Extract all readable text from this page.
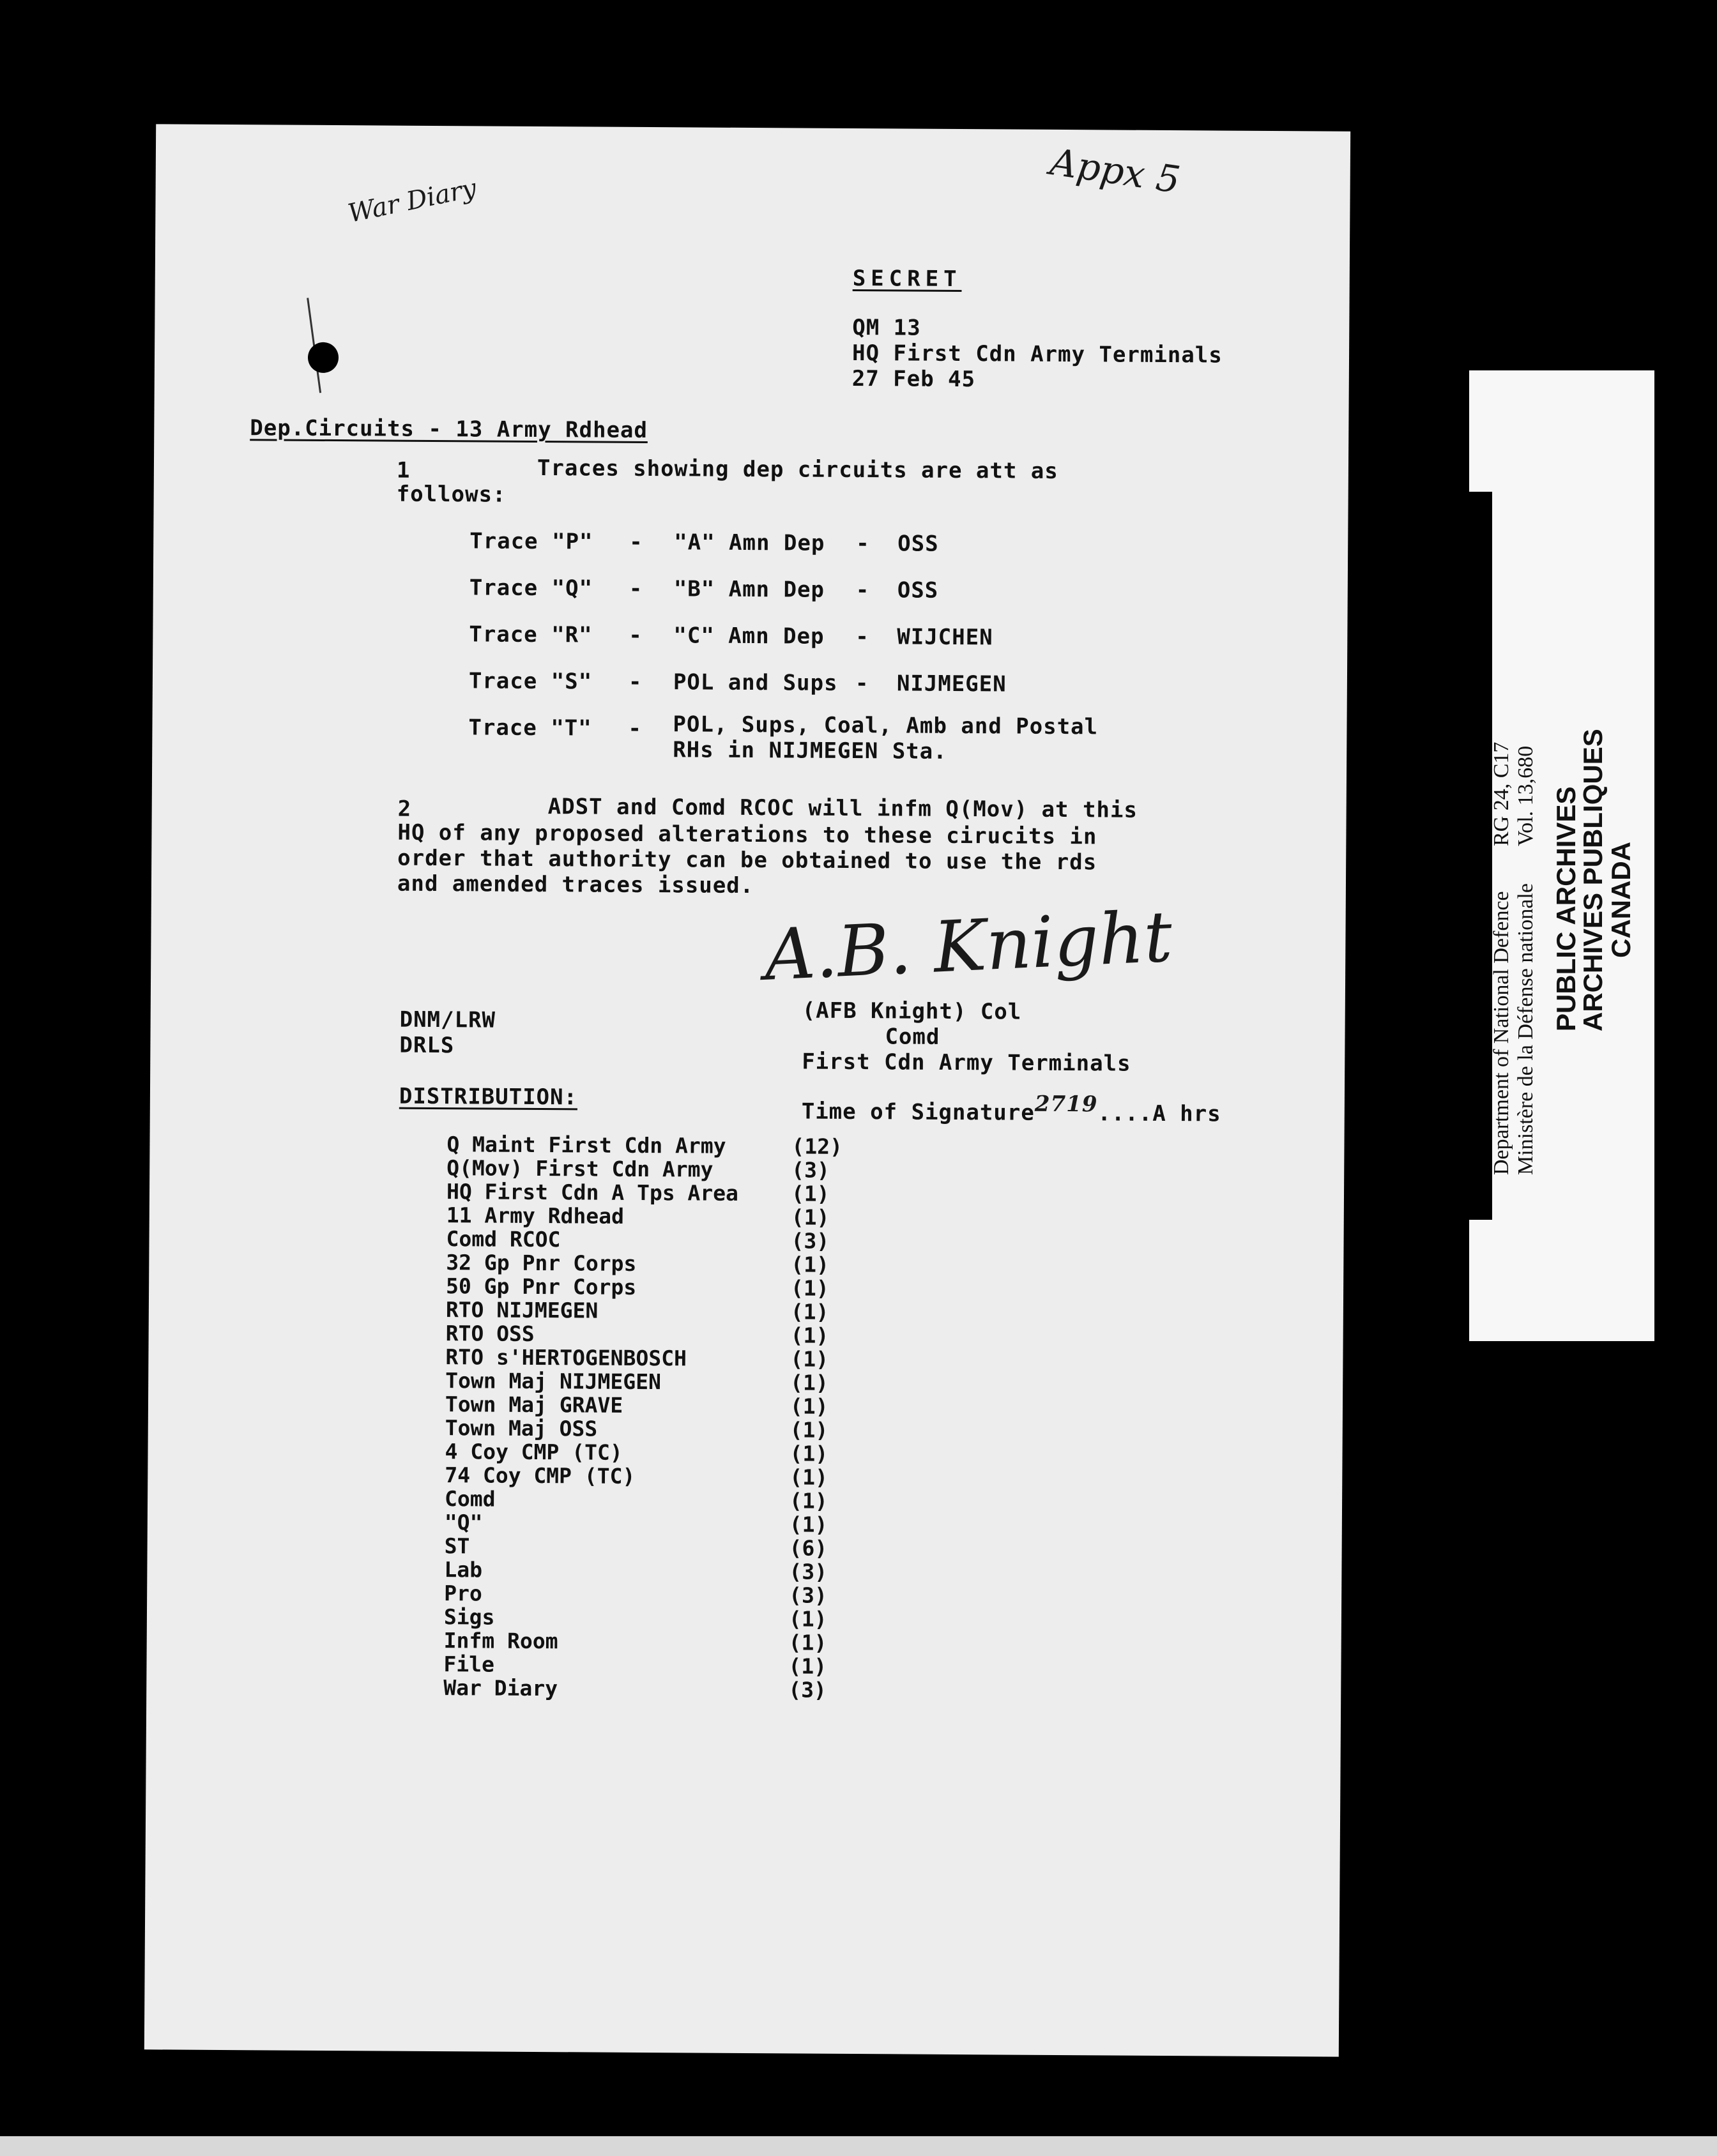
War Diary	Appx 5
SECRET
QM 13
HQ First Cdn Army Terminals
27 Feb 45
Dep.Circuits - 13 Army Rdhead
1	Traces showing dep circuits are att as
follows:
Trace "P" - "A" Amn Dep - OSS
Trace "Q" - "B" Amn Dep - OSS
Trace "R" - "C" Amn Dep - WIJCHEN
Trace "S" - POL and Sups - NIJMEGEN
Trace "T" - POL, Sups, Coal, Amb and Postal
RHs in NIJMEGEN Sta.
2	ADST and Comd RCOC will infm Q(Mov) at this
HQ of any proposed alterations to these cirucits in
order that authority can be obtained to use the rds
and amended traces issued.
A.B. Knight
DNM/LRW
DRLS
(AFB Knight) Col
Comd
First Cdn Army Terminals
Time of Signature2719....A hrs
DISTRIBUTION:
Q Maint First Cdn Army	(12)
Q(Mov) First Cdn Army	(3)
HQ First Cdn A Tps Area	(1)
11 Army Rdhead	(1)
Comd RCOC	(3)
32 Gp Pnr Corps	(1)
50 Gp Pnr Corps	(1)
RTO NIJMEGEN	(1)
RTO OSS	(1)
RTO s'HERTOGENBOSCH	(1)
Town Maj NIJMEGEN	(1)
Town Maj GRAVE	(1)
Town Maj OSS	(1)
4 Coy CMP (TC)	(1)
74 Coy CMP (TC)	(1)
Comd	(1)
"Q"	(1)
ST	(6)
Lab	(3)
Pro	(3)
Sigs	(1)
Infm Room	(1)
File	(1)
War Diary	(3)
Department of National Defence Ministère de la Défense nationale
RG 24, C17 Vol. 13,680 PUBLIC ARCHIVES
ARCHIVES PUBLIQUES
CANADA
